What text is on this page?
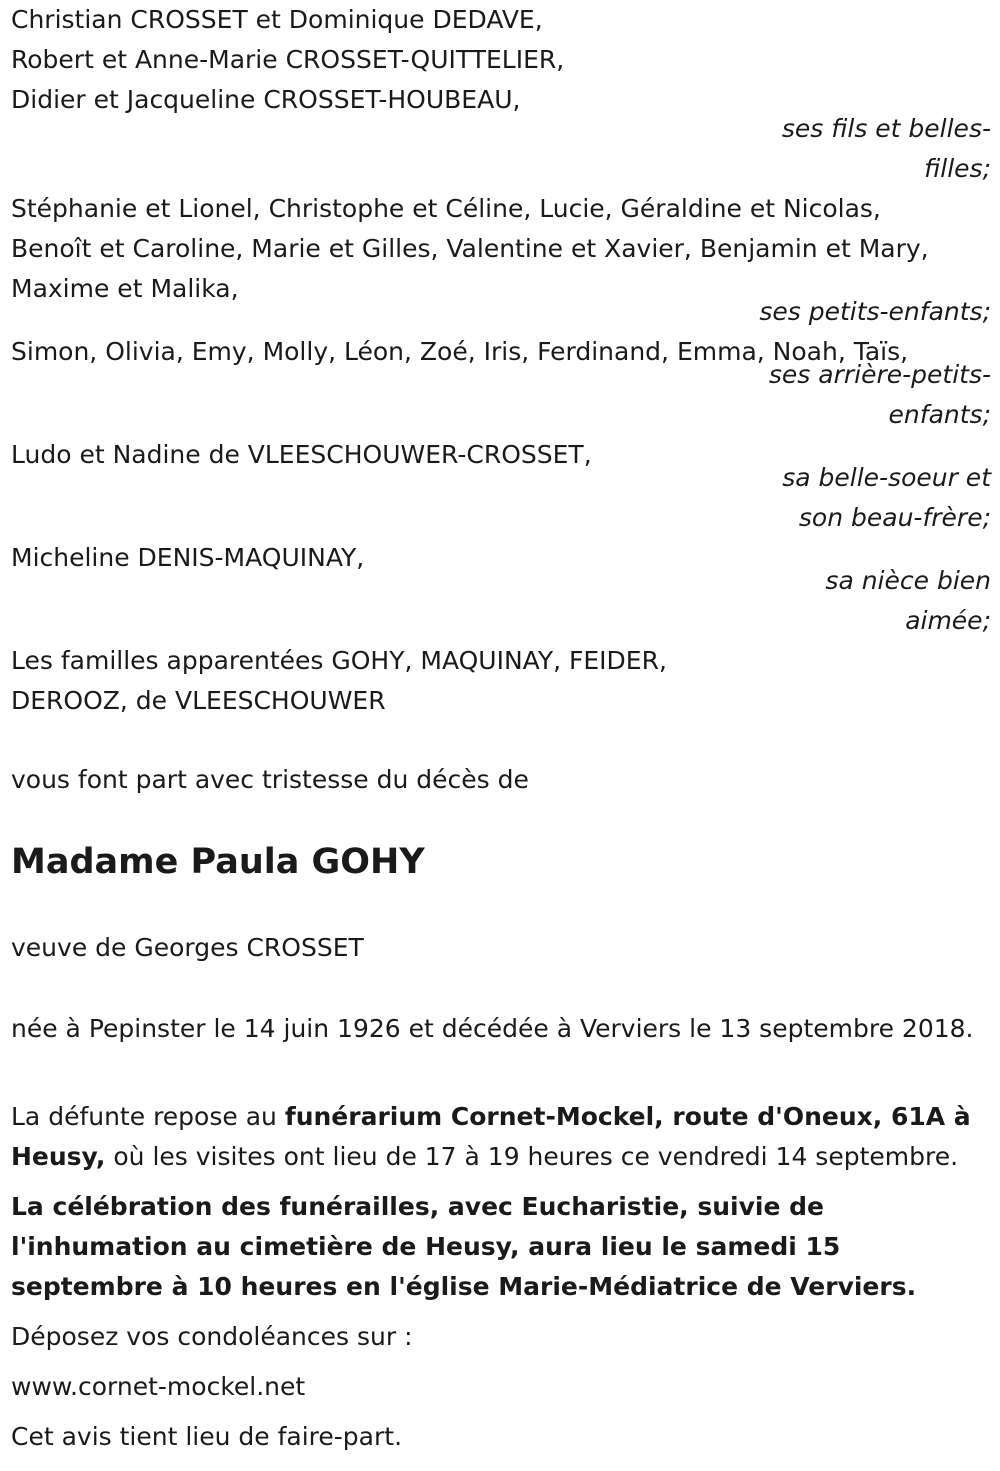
Christian CROSSET et Dominique DEDAVE,
Robert et Anne-Marie CROSSET-QUITTELIER,
Didier et Jacqueline CROSSET-HOUBEAU,
ses fils et belles-filles;
Stéphanie et Lionel, Christophe et Céline, Lucie, Géraldine et Nicolas,
Benoît et Caroline, Marie et Gilles, Valentine et Xavier, Benjamin et Mary,
Maxime et Malika,
ses petits-enfants;
Simon, Olivia, Emy, Molly, Léon, Zoé, Iris, Ferdinand, Emma, Noah, Taïs,
ses arrière-petits-enfants;
Ludo et Nadine de VLEESCHOUWER-CROSSET,
sa belle-soeur et son beau-frère;
Micheline DENIS-MAQUINAY,
sa nièce bien aimée;
Les familles apparentées GOHY, MAQUINAY, FEIDER,
DEROOZ, de VLEESCHOUWER
vous font part avec tristesse du décès de
Madame Paula GOHY
veuve de Georges CROSSET
née à Pepinster le 14 juin 1926 et décédée à Verviers le 13 septembre 2018.
La défunte repose au funérarium Cornet-Mockel, route d'Oneux, 61A à Heusy, où les visites ont lieu de 17 à 19 heures ce vendredi 14 septembre.
La célébration des funérailles, avec Eucharistie, suivie de l'inhumation au cimetière de Heusy, aura lieu le samedi 15 septembre à 10 heures en l'église Marie-Médiatrice de Verviers.
Déposez vos condoléances sur :
www.cornet-mockel.net
Cet avis tient lieu de faire-part.
